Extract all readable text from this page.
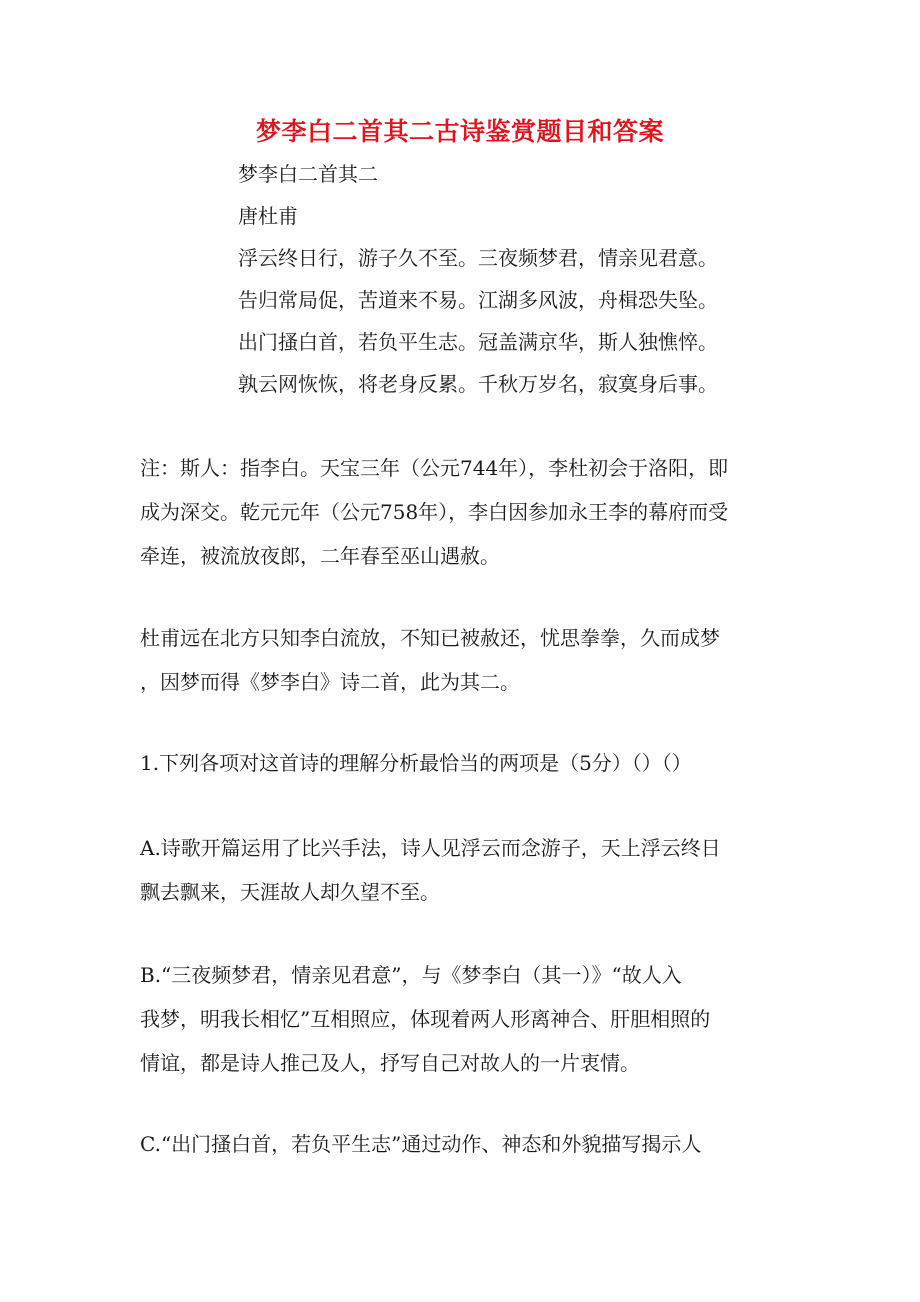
梦李白二首其二古诗鉴赏题目和答案
梦李白二首其二
唐杜甫
浮云终日行，游子久不至。三夜频梦君，情亲见君意。
告归常局促，苦道来不易。江湖多风波，舟楫恐失坠。
出门搔白首，若负平生志。冠盖满京华，斯人独憔悴。
孰云网恢恢，将老身反累。千秋万岁名，寂寞身后事。

注：斯人：指李白。天宝三年（公元744年），李杜初会于洛阳，即
成为深交。乾元元年（公元758年），李白因参加永王李的幕府而受
牵连，被流放夜郎，二年春至巫山遇赦。

杜甫远在北方只知李白流放，不知已被赦还，忧思拳拳，久而成梦
，因梦而得《梦李白》诗二首，此为其二。

1.下列各项对这首诗的理解分析最恰当的两项是（5分）（）（）

A.诗歌开篇运用了比兴手法，诗人见浮云而念游子，天上浮云终日
飘去飘来，天涯故人却久望不至。

B.“三夜频梦君，情亲见君意”，与《梦李白（其一）》“故人入
我梦，明我长相忆”互相照应，体现着两人形离神合、肝胆相照的
情谊，都是诗人推己及人，抒写自己对故人的一片衷情。

C.“出门搔白首，若负平生志”通过动作、神态和外貌描写揭示人
